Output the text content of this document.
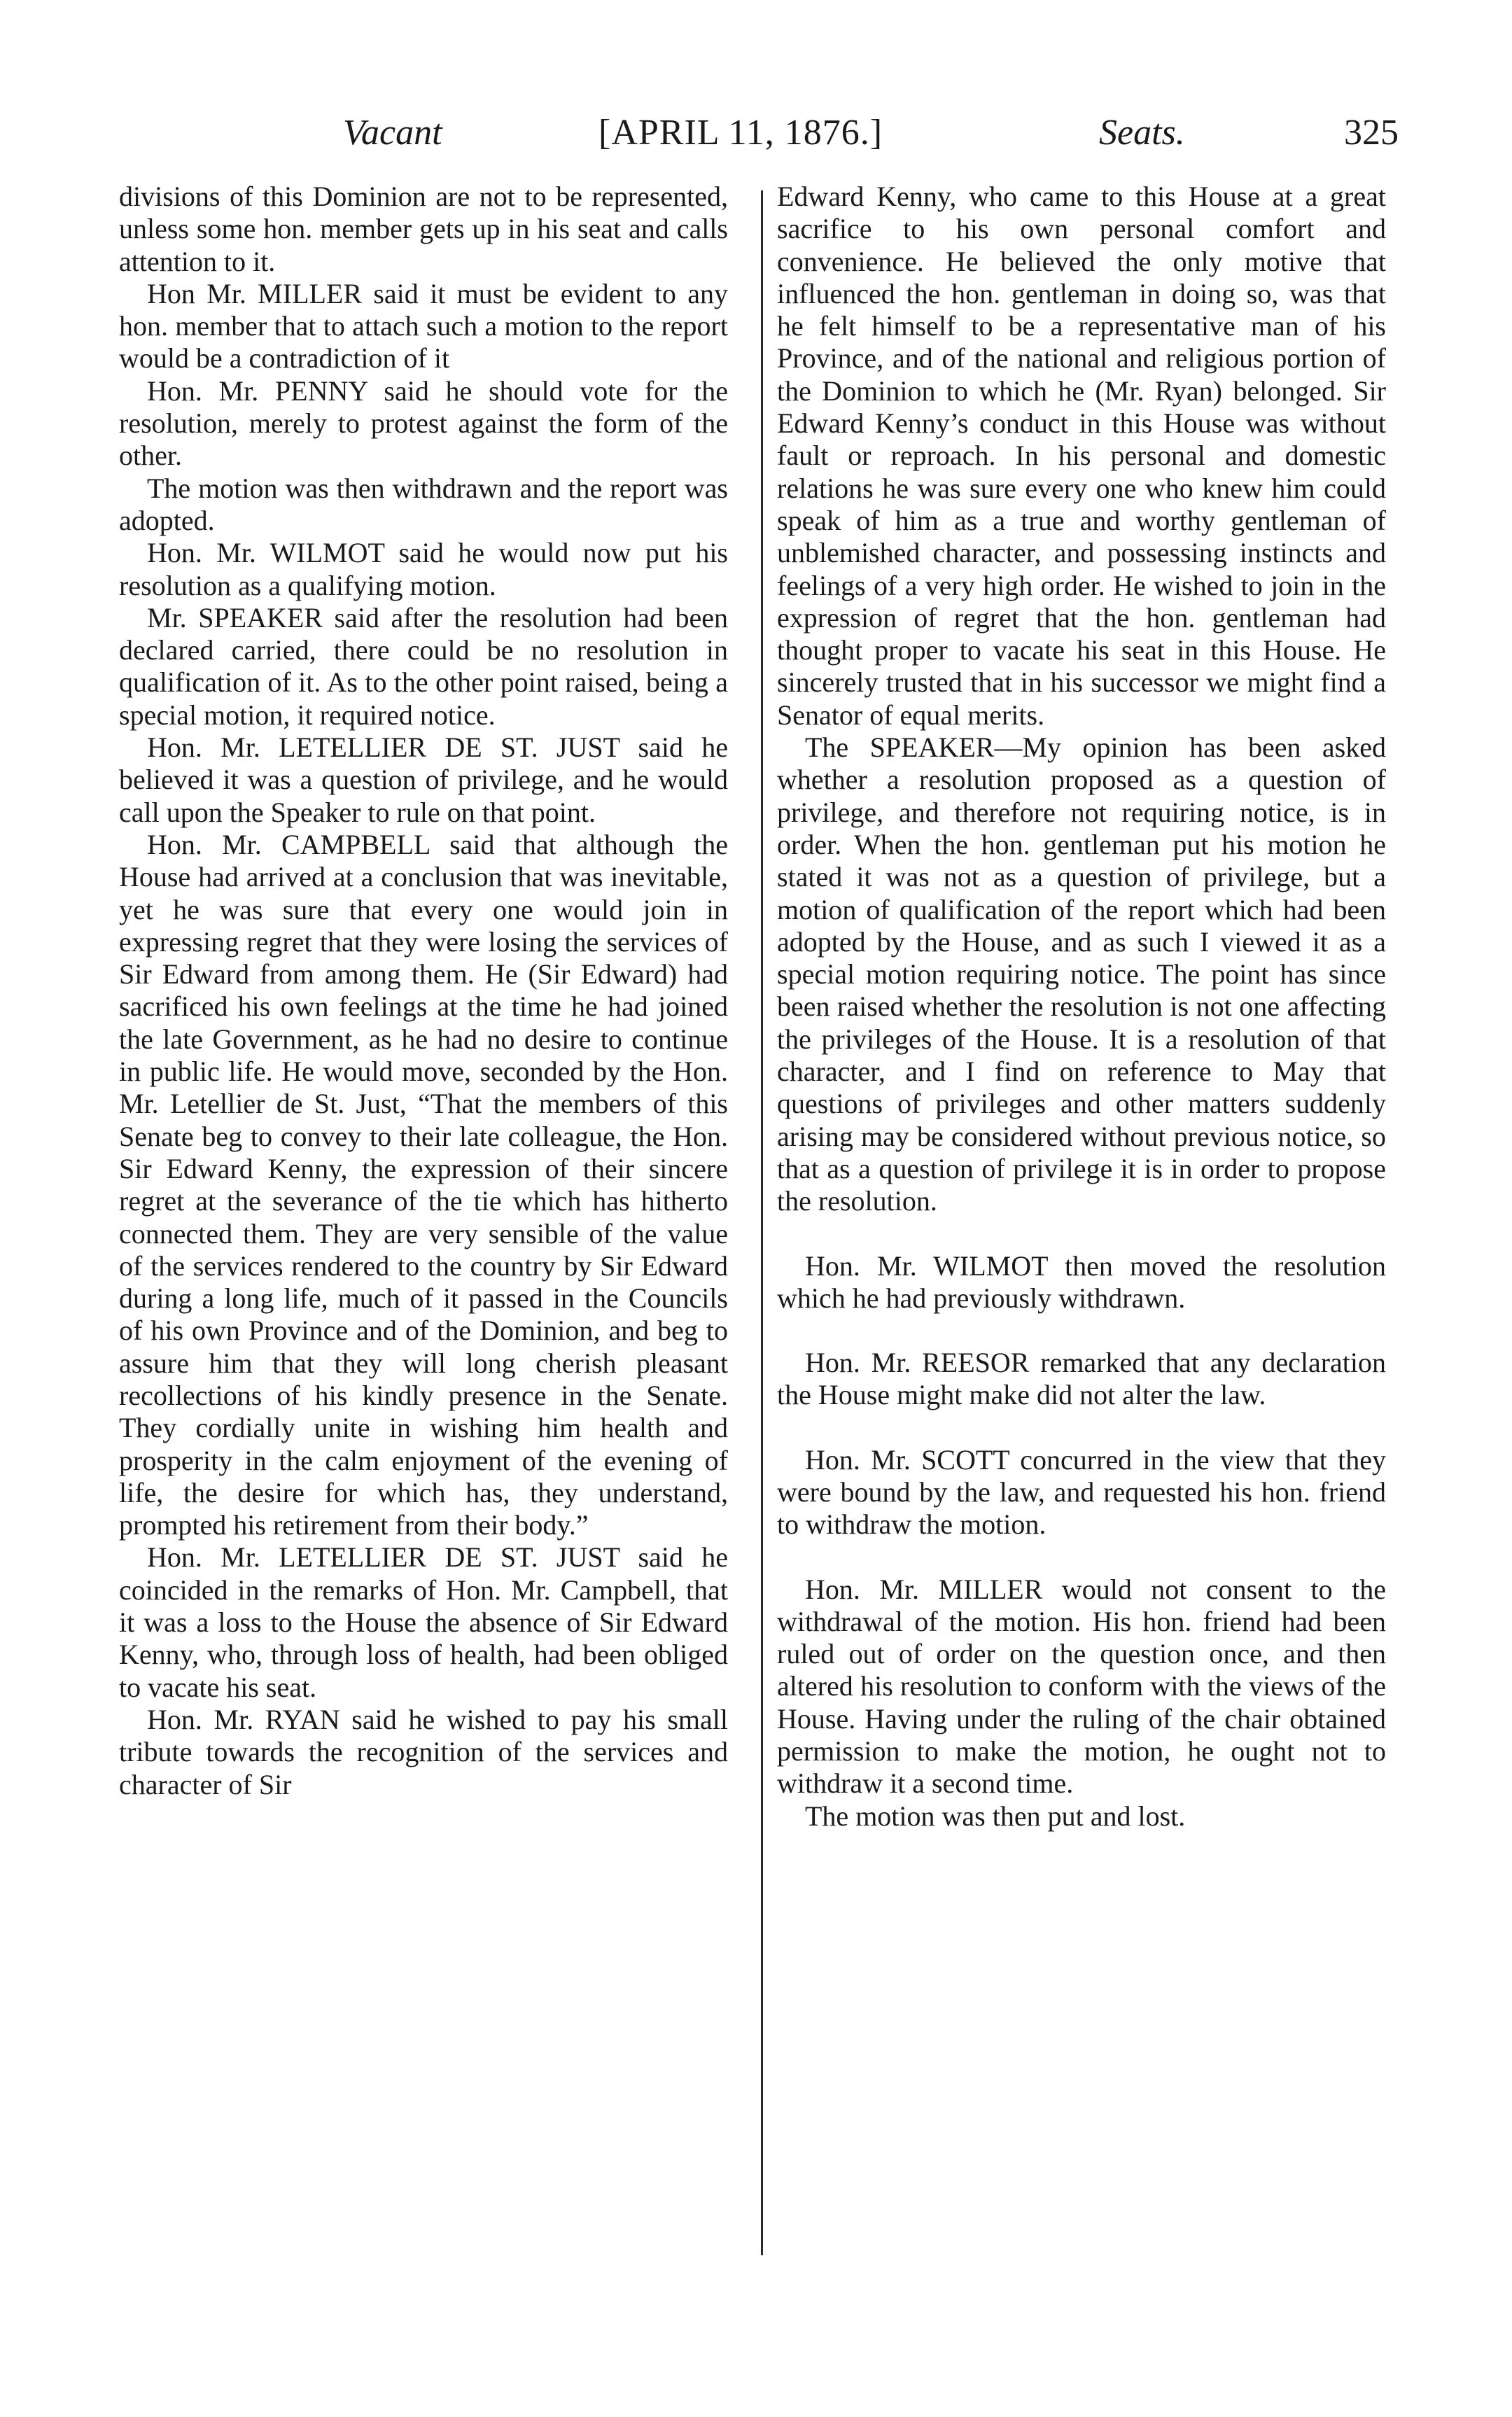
Vacant	[APRIL 11, 1876.]	Seats.	325

divisions of this Dominion are not to be represented, unless some hon. member gets up in his seat and calls attention to it.

Hon Mr. MILLER said it must be evident to any hon. member that to attach such a motion to the report would be a contradiction of it

Hon. Mr. PENNY said he should vote for the resolution, merely to protest against the form of the other.

The motion was then withdrawn and the report was adopted.

Hon. Mr. WILMOT said he would now put his resolution as a qualifying motion.

Mr. SPEAKER said after the resolution had been declared carried, there could be no resolution in qualification of it. As to the other point raised, being a special motion, it required notice.

Hon. Mr. LETELLIER DE ST. JUST said he believed it was a question of privilege, and he would call upon the Speaker to rule on that point.

Hon. Mr. CAMPBELL said that although the House had arrived at a conclusion that was inevitable, yet he was sure that every one would join in expressing regret that they were losing the services of Sir Edward from among them. He (Sir Edward) had sacrificed his own feelings at the time he had joined the late Government, as he had no desire to continue in public life. He would move, seconded by the Hon. Mr. Letellier de St. Just, “That the members of this Senate beg to convey to their late colleague, the Hon. Sir Edward Kenny, the expression of their sincere regret at the severance of the tie which has hitherto connected them. They are very sensible of the value of the services rendered to the country by Sir Edward during a long life, much of it passed in the Councils of his own Province and of the Dominion, and beg to assure him that they will long cherish pleasant recollections of his kindly presence in the Senate. They cordially unite in wishing him health and prosperity in the calm enjoyment of the evening of life, the desire for which has, they understand, prompted his retirement from their body.”

Hon. Mr. LETELLIER DE ST. JUST said he coincided in the remarks of Hon. Mr. Campbell, that it was a loss to the House the absence of Sir Edward Kenny, who, through loss of health, had been obliged to vacate his seat.

Hon. Mr. RYAN said he wished to pay his small tribute towards the recognition of the services and character of Sir

Edward Kenny, who came to this House at a great sacrifice to his own personal comfort and convenience. He believed the only motive that influenced the hon. gentleman in doing so, was that he felt himself to be a representative man of his Province, and of the national and religious portion of the Dominion to which he (Mr. Ryan) belonged. Sir Edward Kenny’s conduct in this House was without fault or reproach. In his personal and domestic relations he was sure every one who knew him could speak of him as a true and worthy gentleman of unblemished character, and possessing instincts and feelings of a very high order. He wished to join in the expression of regret that the hon. gentleman had thought proper to vacate his seat in this House. He sincerely trusted that in his successor we might find a Senator of equal merits.

The SPEAKER—My opinion has been asked whether a resolution proposed as a question of privilege, and therefore not requiring notice, is in order. When the hon. gentleman put his motion he stated it was not as a question of privilege, but a motion of qualification of the report which had been adopted by the House, and as such I viewed it as a special motion requiring notice. The point has since been raised whether the resolution is not one affecting the privileges of the House. It is a resolution of that character, and I find on reference to May that questions of privileges and other matters suddenly arising may be considered without previous notice, so that as a question of privilege it is in order to propose the resolution.

Hon. Mr. WILMOT then moved the resolution which he had previously withdrawn.

Hon. Mr. REESOR remarked that any declaration the House might make did not alter the law.

Hon. Mr. SCOTT concurred in the view that they were bound by the law, and requested his hon. friend to withdraw the motion.

Hon. Mr. MILLER would not consent to the withdrawal of the motion. His hon. friend had been ruled out of order on the question once, and then altered his resolution to conform with the views of the House. Having under the ruling of the chair obtained permission to make the motion, he ought not to withdraw it a second time.

The motion was then put and lost.
